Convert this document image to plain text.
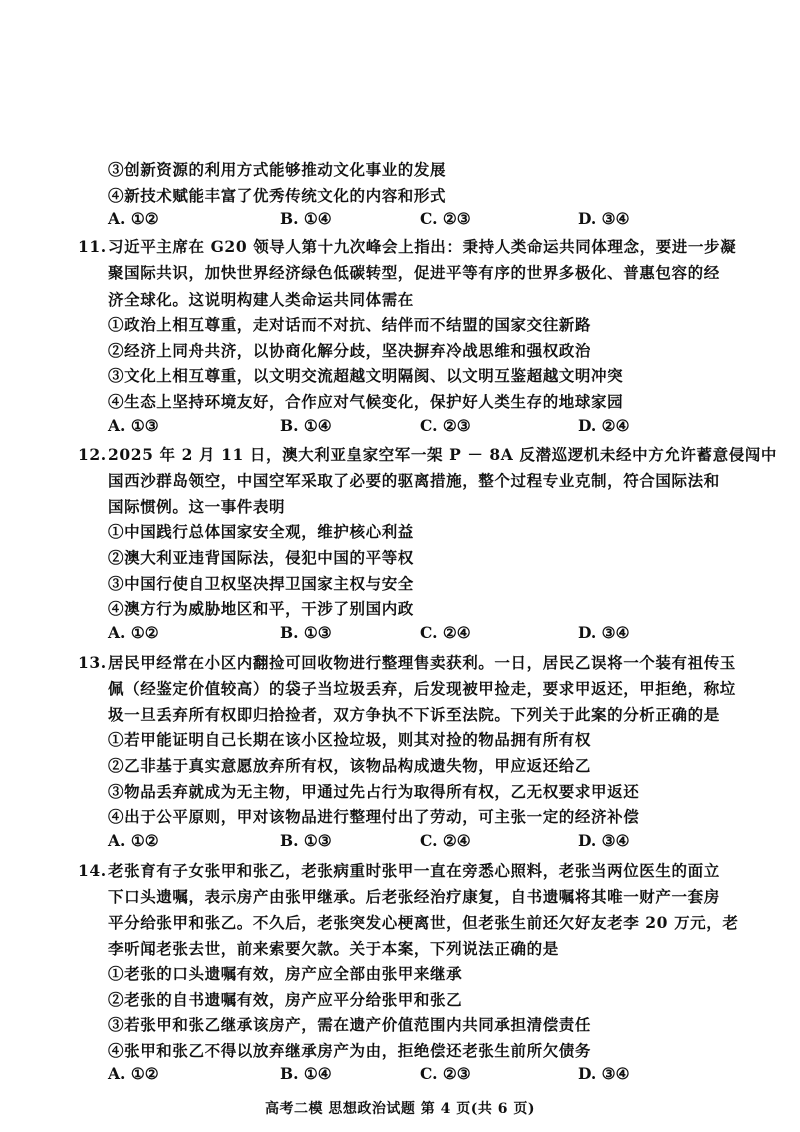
③创新资源的利用方式能够推动文化事业的发展
④新技术赋能丰富了优秀传统文化的内容和形式
A. ①②	B. ①④	C. ②③	D. ③④
11.习近平主席在 G20 领导人第十九次峰会上指出：秉持人类命运共同体理念，要进一步凝
聚国际共识，加快世界经济绿色低碳转型，促进平等有序的世界多极化、普惠包容的经
济全球化。这说明构建人类命运共同体需在
①政治上相互尊重，走对话而不对抗、结伴而不结盟的国家交往新路
②经济上同舟共济，以协商化解分歧，坚决摒弃冷战思维和强权政治
③文化上相互尊重，以文明交流超越文明隔阂、以文明互鉴超越文明冲突
④生态上坚持环境友好，合作应对气候变化，保护好人类生存的地球家园
A. ①③	B. ①④	C. ②③	D. ②④
12.2025 年 2 月 11 日，澳大利亚皇家空军一架 P － 8A 反潜巡逻机未经中方允许蓄意侵闯中
国西沙群岛领空，中国空军采取了必要的驱离措施，整个过程专业克制，符合国际法和
国际惯例。这一事件表明
①中国践行总体国家安全观，维护核心利益
②澳大利亚违背国际法，侵犯中国的平等权
③中国行使自卫权坚决捍卫国家主权与安全
④澳方行为威胁地区和平，干涉了别国内政
A. ①②	B. ①③	C. ②④	D. ③④
13.居民甲经常在小区内翻捡可回收物进行整理售卖获利。一日，居民乙误将一个装有祖传玉
佩（经鉴定价值较高）的袋子当垃圾丢弃，后发现被甲捡走，要求甲返还，甲拒绝，称垃
圾一旦丢弃所有权即归拾捡者，双方争执不下诉至法院。下列关于此案的分析正确的是
①若甲能证明自己长期在该小区捡垃圾，则其对捡的物品拥有所有权
②乙非基于真实意愿放弃所有权，该物品构成遗失物，甲应返还给乙
③物品丢弃就成为无主物，甲通过先占行为取得所有权，乙无权要求甲返还
④出于公平原则，甲对该物品进行整理付出了劳动，可主张一定的经济补偿
A. ①②	B. ①③	C. ②④	D. ③④
14.老张育有子女张甲和张乙，老张病重时张甲一直在旁悉心照料，老张当两位医生的面立
下口头遗嘱，表示房产由张甲继承。后老张经治疗康复，自书遗嘱将其唯一财产一套房
平分给张甲和张乙。不久后，老张突发心梗离世，但老张生前还欠好友老李 20 万元，老
李听闻老张去世，前来索要欠款。关于本案，下列说法正确的是
①老张的口头遗嘱有效，房产应全部由张甲来继承
②老张的自书遗嘱有效，房产应平分给张甲和张乙
③若张甲和张乙继承该房产，需在遗产价值范围内共同承担清偿责任
④张甲和张乙不得以放弃继承房产为由，拒绝偿还老张生前所欠债务
A. ①②	B. ①④	C. ②③	D. ③④
高考二模 思想政治试题 第 4 页(共 6 页)
